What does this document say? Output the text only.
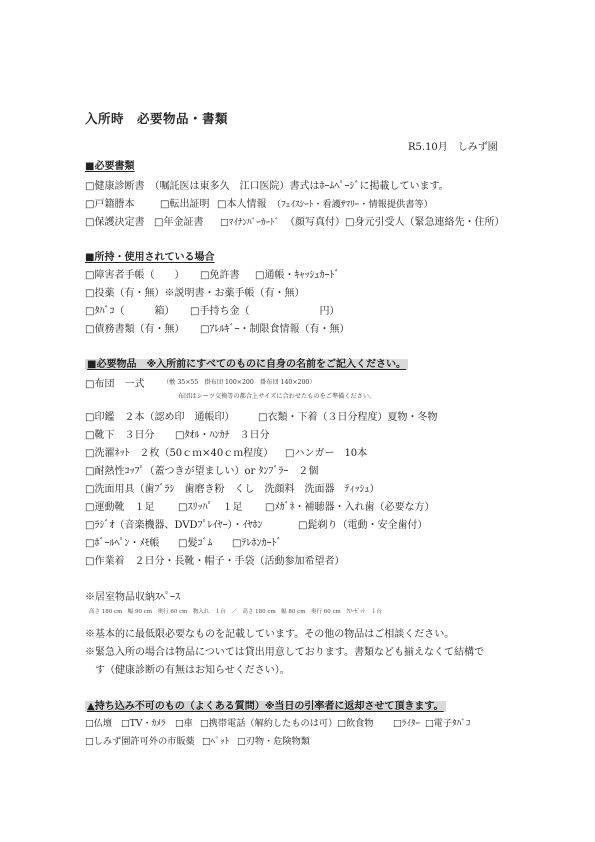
入所時　必要物品・書類
R5.10月　しみず園
■必要書類
□健康診断書　（嘱託医は東多久　江口医院）書式はﾎｰﾑﾍﾟｰｼﾞに掲載しています。
□戸籍謄本	□転出証明 □本人情報 （ﾌｪｲｽｼｰﾄ・看護ｻﾏﾘｰ・情報提供書等）
□保護決定書 □年金証書 □ﾏｲﾅﾝﾊﾞｰｶｰﾄﾞ （顔写真付）□身元引受人（緊急連絡先・住所）
■所持・使用されている場合
□障害者手帳（　　） □免許書 □通帳・ｷｬｯｼｭｶｰﾄﾞ
□投薬（有・無）※説明書・お薬手帳（有・無）
□ﾀﾊﾞｺ（　　　箱） □手持ち金（　　　　　　　円）
□債務書類（有・無） □ｱﾚﾙｷﾞｰ・制限食情報（有・無）
■必要物品　※入所前にすべてのものに自身の名前をご記入ください。
□布団　一式	（敷 35×55　掛布団 100×200　掛布団 140×200）
布団はシーツ交換等の都合上サイズに合わせたものをご準備ください。
□印鑑　２本（認め印　通帳印） □衣類・下着（３日分程度）夏物・冬物
□靴下　３日分 □ﾀｵﾙ・ﾊﾝｶﾁ　３日分
□洗濯ﾈｯﾄ　２枚（50ｃｍ×40ｃｍ程度） □ハンガー　10本
□耐熱性ｺｯﾌﾟ（蓋つきが望ましい）or ﾀﾝﾌﾞﾗｰ　２個
□洗面用具（歯ﾌﾞﾗｼ　歯磨き粉　くし　洗顔料　洗面器　ﾃｨｯｼｭ）
□運動靴　１足 □ｽﾘｯﾊﾟ　１足 □ﾒｶﾞﾈ・補聴器・入れ歯（必要な方）
□ﾗｼﾞｵ（音楽機器、DVDﾌﾟﾚｲﾔｰ）・ｲﾔﾎﾝ	□髭剃り（電動・安全歯付）
□ﾎﾞｰﾙﾍﾟﾝ・ﾒﾓ帳 □髪ｺﾞﾑ □ﾃﾚﾎﾝｶｰﾄﾞ
□作業着　２日分・長靴・帽子・手袋（活動参加希望者）
※居室物品収納ｽﾍﾟｰｽ
高さ 180 cm　幅 90 cm　奥行 60 cm　物入れ　１台　／　高さ 180 cm　幅 80 cm　奥行 60 cm　ｸﾛｰｾﾞｯﾄ　１台
※基本的に最低限必要なものを記載しています。その他の物品はご相談ください。
※緊急入所の場合は物品については貸出用意しております。書類なども揃えなくて結構で
　す（健康診断の有無はお知らせください）。
▲持ち込み不可のもの（よくある質問）※当日の引率者に返却させて頂きます。
□仏壇 □TV・ｶﾒﾗ □車 □携帯電話（解約したものは可）□飲食物 □ﾗｲﾀｰ □電子ﾀﾊﾞｺ
□しみず園許可外の市販薬 □ﾍﾟｯﾄ □刃物・危険物類
